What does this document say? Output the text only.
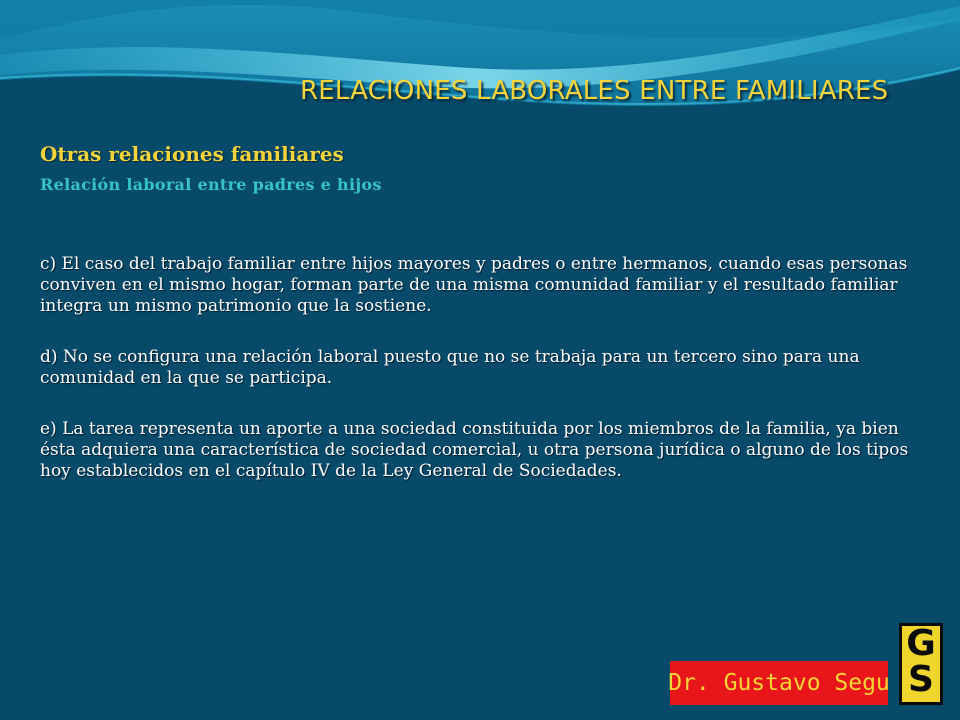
RELACIONES LABORALES ENTRE FAMILIARES
Otras relaciones familiares
Relación laboral entre padres e hijos

c) El caso del trabajo familiar entre hijos mayores y padres o entre hermanos, cuando esas personas conviven en el mismo hogar, forman parte de una misma comunidad familiar y el resultado familiar integra un mismo patrimonio que la sostiene.

d) No se configura una relación laboral puesto que no se trabaja para un tercero sino para una comunidad en la que se participa.

e) La tarea representa un aporte a una sociedad constituida por los miembros de la familia, ya bien ésta adquiera una característica de sociedad comercial, u otra persona jurídica o alguno de los tipos hoy establecidos en el capítulo IV de la Ley General de Sociedades.

Dr. Gustavo Segu
G
S
